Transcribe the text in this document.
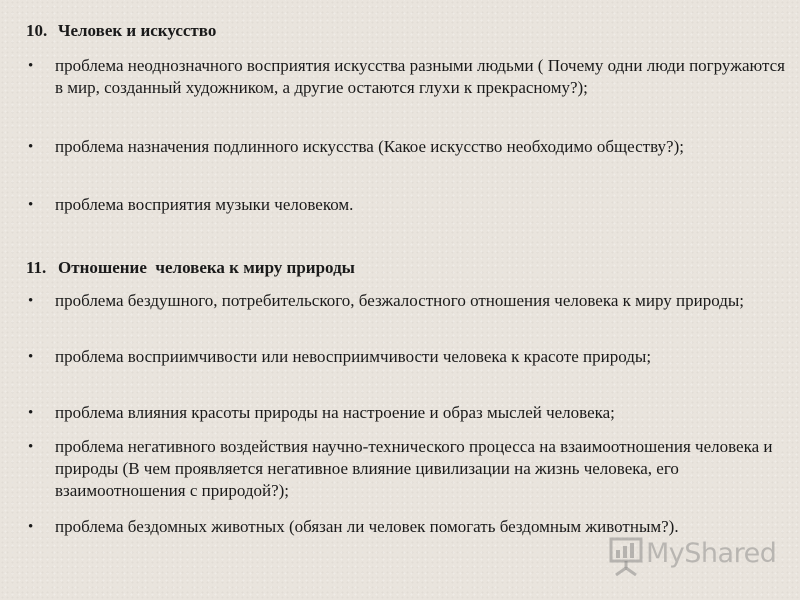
10. Человек и искусство
• проблема неоднозначного восприятия искусства разными людьми ( Почему одни люди погружаются в мир, созданный художником, а другие остаются глухи к прекрасному?);
• проблема назначения подлинного искусства (Какое искусство необходимо обществу?);
• проблема восприятия музыки человеком.
11. Отношение  человека к миру природы
• проблема бездушного, потребительского, безжалостного отношения человека к миру природы;
• проблема восприимчивости или невосприимчивости человека к красоте природы;
• проблема влияния красоты природы на настроение и образ мыслей человека;
• проблема негативного воздействия научно-технического процесса на взаимоотношения человека и природы (В чем проявляется негативное влияние цивилизации на жизнь человека, его взаимоотношения с природой?);
• проблема бездомных животных (обязан ли человек помогать бездомным животным?).
MyShared
